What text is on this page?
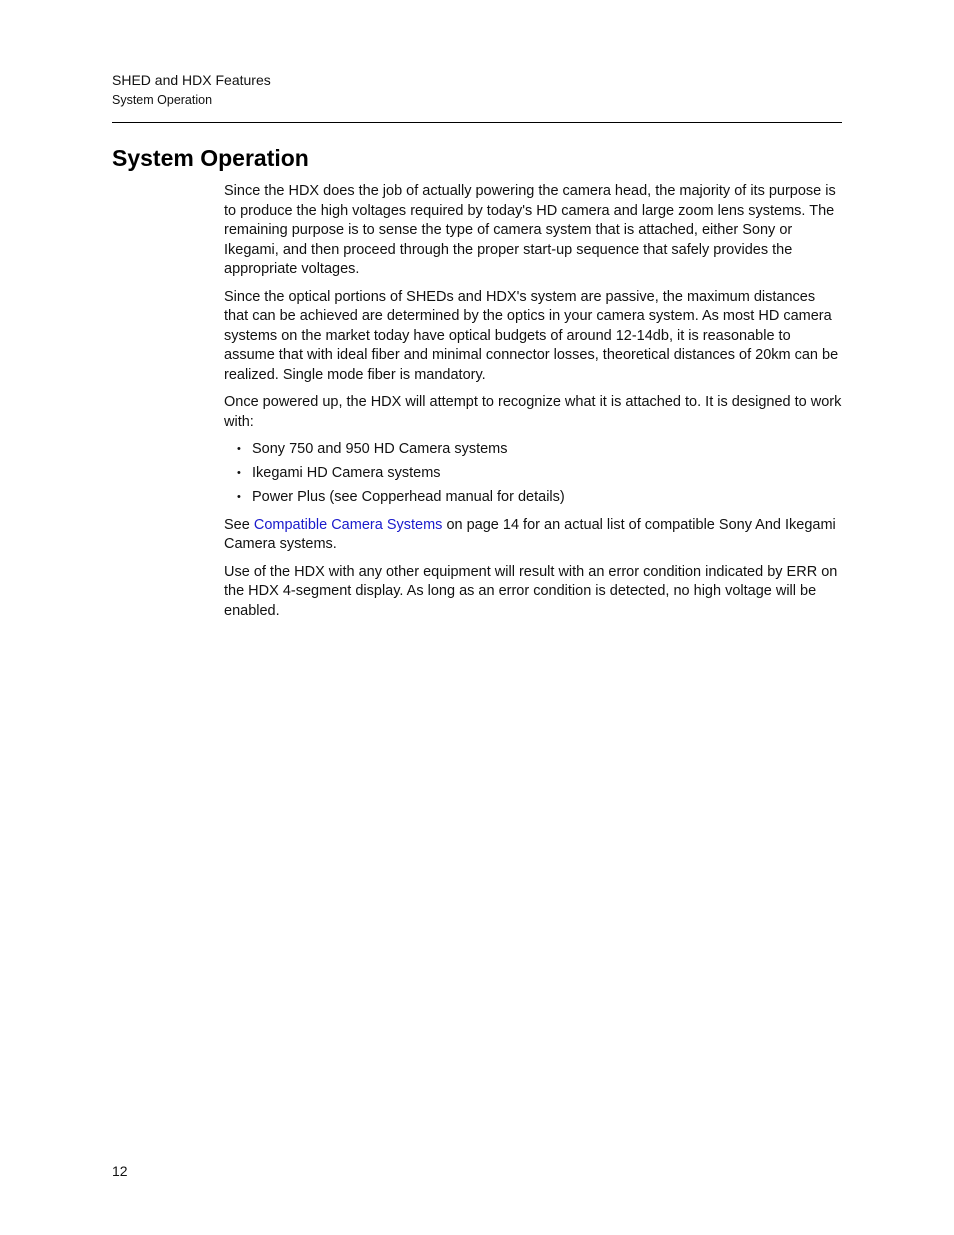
SHED and HDX Features
System Operation
System Operation

Since the HDX does the job of actually powering the camera head, the majority of its purpose is to produce the high voltages required by today's HD camera and large zoom lens systems. The remaining purpose is to sense the type of camera system that is attached, either Sony or Ikegami, and then proceed through the proper start-up sequence that safely provides the appropriate voltages.

Since the optical portions of SHEDs and HDX's system are passive, the maximum distances that can be achieved are determined by the optics in your camera system. As most HD camera systems on the market today have optical budgets of around 12-14db, it is reasonable to assume that with ideal fiber and minimal connector losses, theoretical distances of 20km can be realized. Single mode fiber is mandatory.

Once powered up, the HDX will attempt to recognize what it is attached to. It is designed to work with:

• Sony 750 and 950 HD Camera systems
• Ikegami HD Camera systems
• Power Plus (see Copperhead manual for details)

See Compatible Camera Systems on page 14 for an actual list of compatible Sony And Ikegami Camera systems.

Use of the HDX with any other equipment will result with an error condition indicated by ERR on the HDX 4-segment display. As long as an error condition is detected, no high voltage will be enabled.

12
